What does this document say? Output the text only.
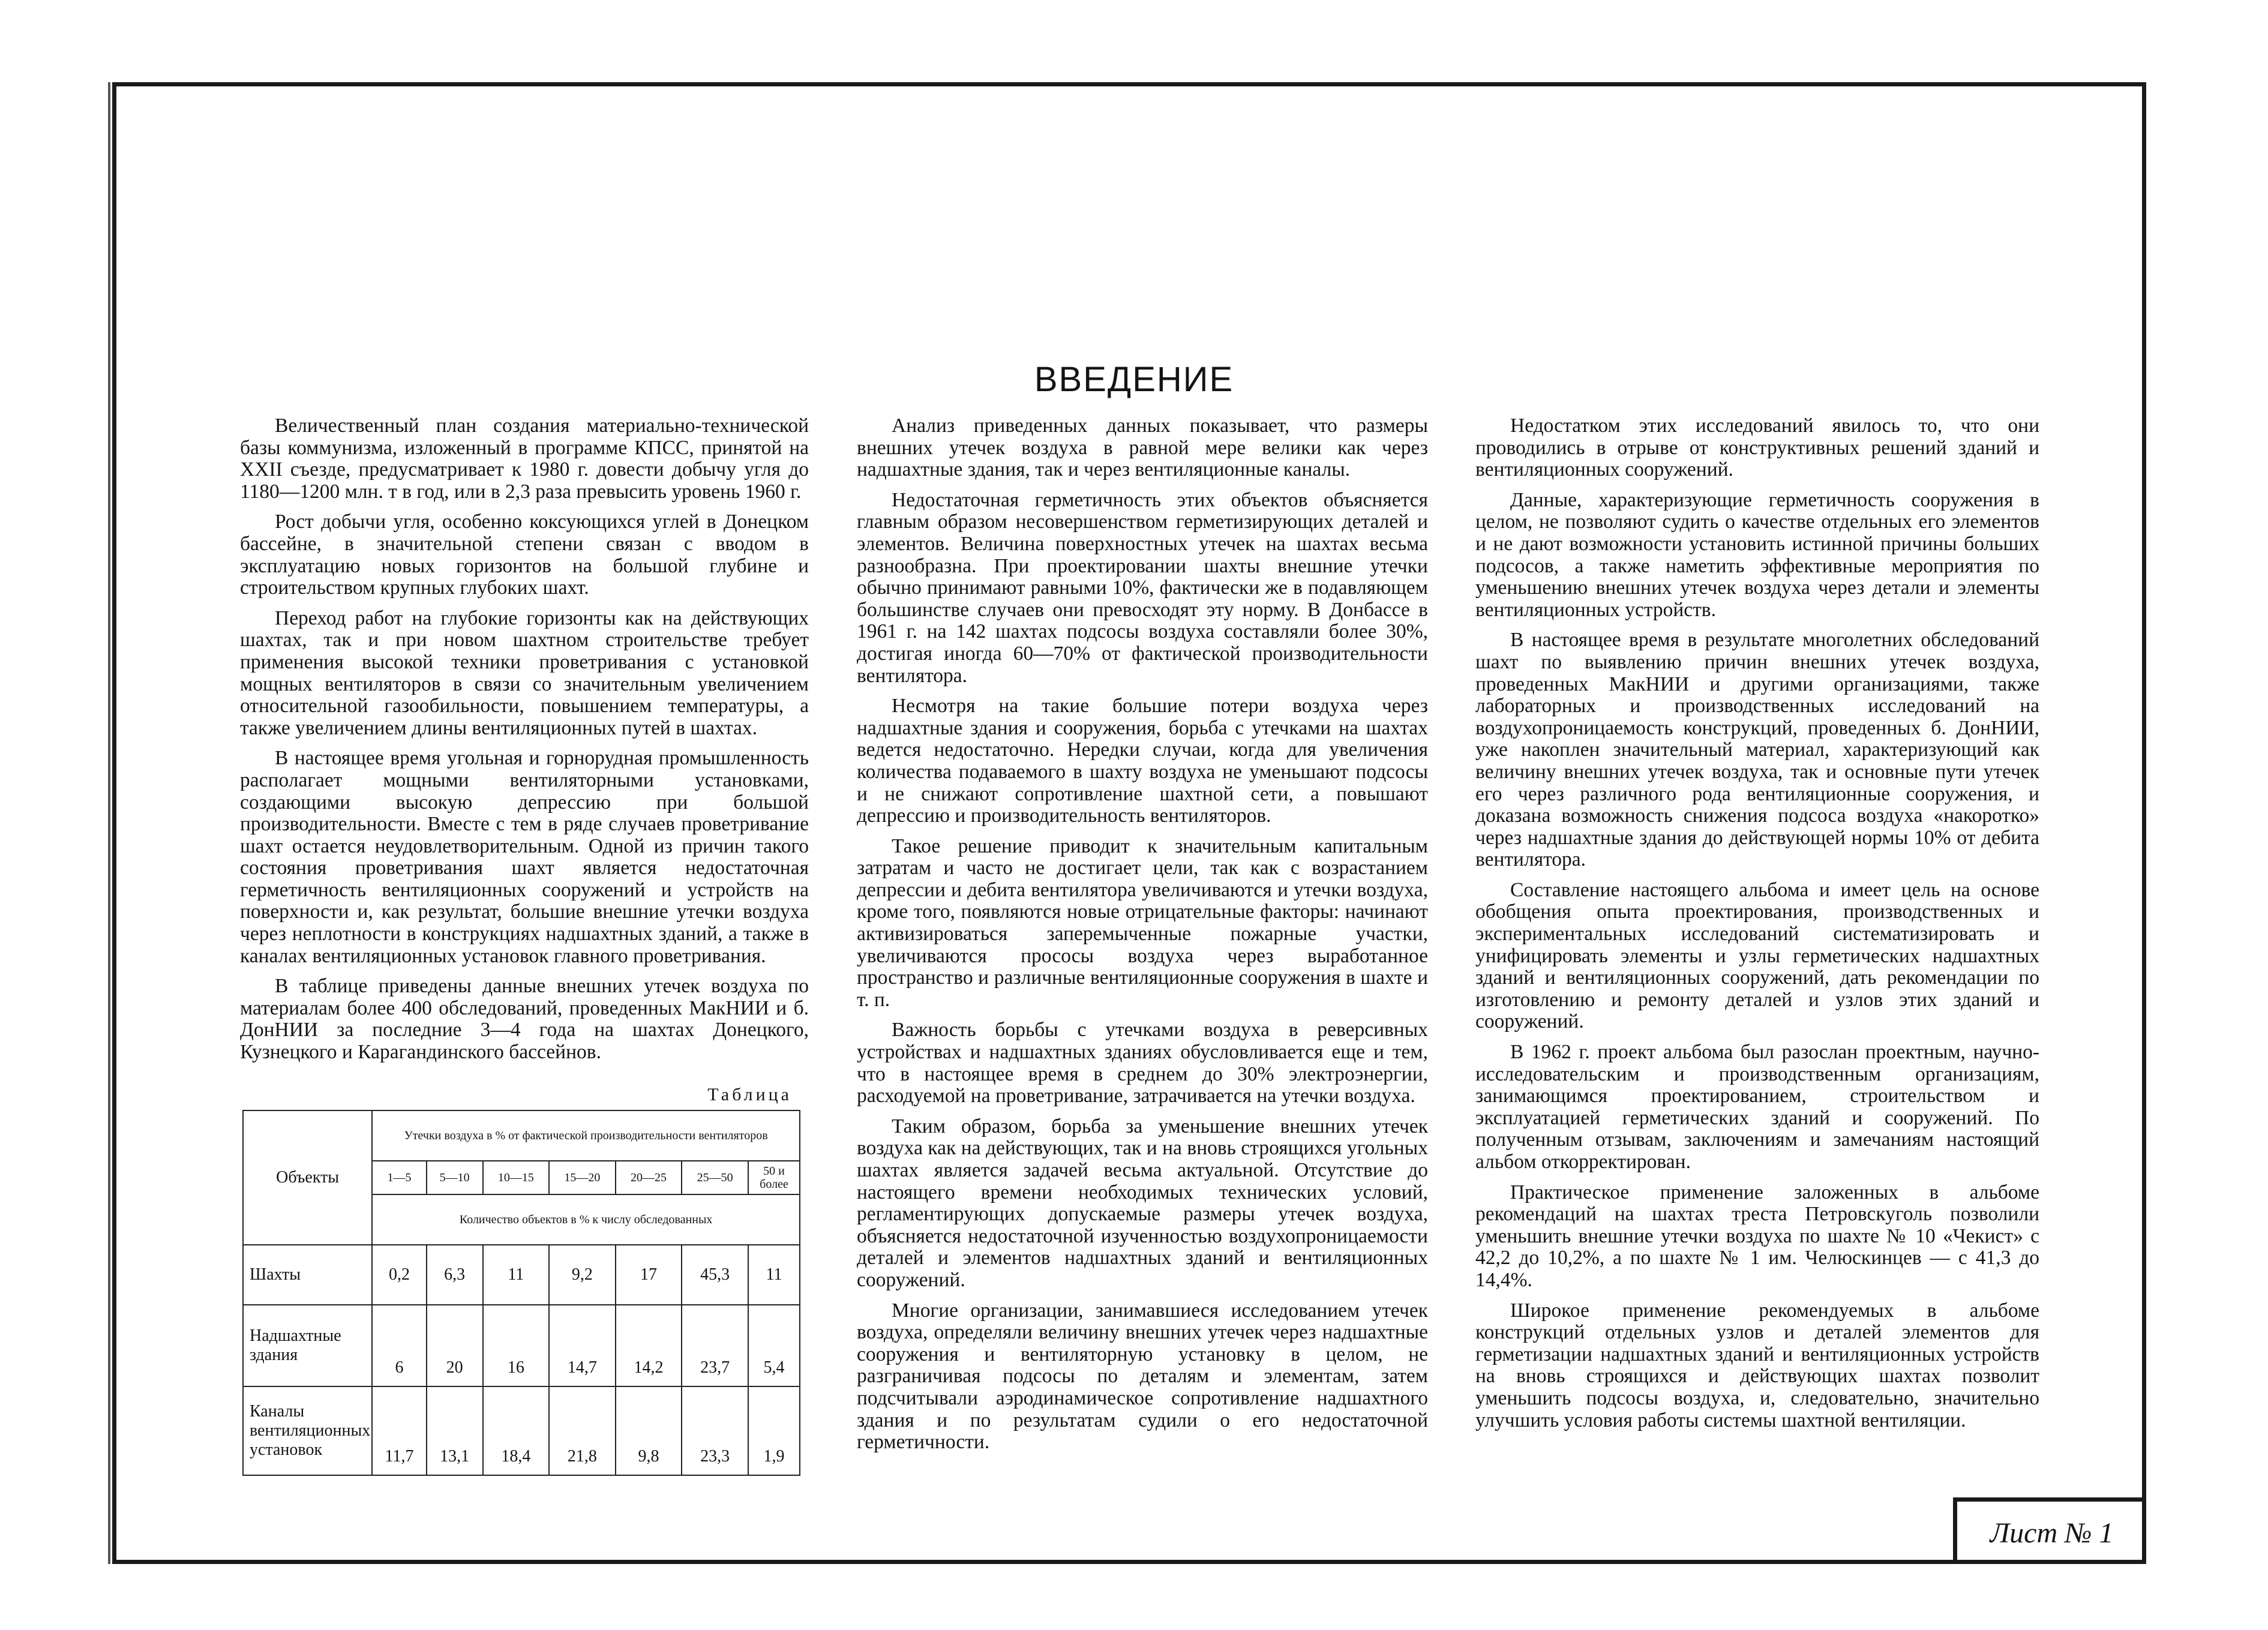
ВВЕДЕНИЕ

Величественный план создания материально-технической базы коммунизма, изложенный в программе КПСС, принятой на XXII съезде, предусматривает к 1980 г. довести добычу угля до 1180—1200 млн. т в год, или в 2,3 раза превысить уровень 1960 г.

Рост добычи угля, особенно коксующихся углей в Донецком бассейне, в значительной степени связан с вводом в эксплуатацию новых горизонтов на большой глубине и строительством крупных глубоких шахт.

Переход работ на глубокие горизонты как на действующих шахтах, так и при новом шахтном строительстве требует применения высокой техники проветривания с установкой мощных вентиляторов в связи со значительным увеличением относительной газообильности, повышением температуры, а также увеличением длины вентиляционных путей в шахтах.

В настоящее время угольная и горнорудная промышленность располагает мощными вентиляторными установками, создающими высокую депрессию при большой производительности. Вместе с тем в ряде случаев проветривание шахт остается неудовлетворительным. Одной из причин такого состояния проветривания шахт является недостаточная герметичность вентиляционных сооружений и устройств на поверхности и, как результат, большие внешние утечки воздуха через неплотности в конструкциях надшахтных зданий, а также в каналах вентиляционных установок главного проветривания.

В таблице приведены данные внешних утечек воздуха по материалам более 400 обследований, проведенных МакНИИ и б. ДонНИИ за последние 3—4 года на шахтах Донецкого, Кузнецкого и Карагандинского бассейнов.

Таблица
Объекты	Утечки воздуха в % от фактической производительности вентиляторов						
	1—5	5—10	10—15	15—20	20—25	25—50	50 и более
	Количество объектов в % к числу обследованных						
Шахты	0,2	6,3	11	9,2	17	45,3	11
Надшахтные здания	6	20	16	14,7	14,2	23,7	5,4
Каналы вентиляционных установок	11,7	13,1	18,4	21,8	9,8	23,3	1,9

Анализ приведенных данных показывает, что размеры внешних утечек воздуха в равной мере велики как через надшахтные здания, так и через вентиляционные каналы.

Недостаточная герметичность этих объектов объясняется главным образом несовершенством герметизирующих деталей и элементов. Величина поверхностных утечек на шахтах весьма разнообразна. При проектировании шахты внешние утечки обычно принимают равными 10%, фактически же в подавляющем большинстве случаев они превосходят эту норму. В Донбассе в 1961 г. на 142 шахтах подсосы воздуха составляли более 30%, достигая иногда 60—70% от фактической производительности вентилятора.

Несмотря на такие большие потери воздуха через надшахтные здания и сооружения, борьба с утечками на шахтах ведется недостаточно. Нередки случаи, когда для увеличения количества подаваемого в шахту воздуха не уменьшают подсосы и не снижают сопротивление шахтной сети, а повышают депрессию и производительность вентиляторов.

Такое решение приводит к значительным капитальным затратам и часто не достигает цели, так как с возрастанием депрессии и дебита вентилятора увеличиваются и утечки воздуха, кроме того, появляются новые отрицательные факторы: начинают активизироваться заперемыченные пожарные участки, увеличиваются прососы воздуха через выработанное пространство и различные вентиляционные сооружения в шахте и т. п.

Важность борьбы с утечками воздуха в реверсивных устройствах и надшахтных зданиях обусловливается еще и тем, что в настоящее время в среднем до 30% электроэнергии, расходуемой на проветривание, затрачивается на утечки воздуха.

Таким образом, борьба за уменьшение внешних утечек воздуха как на действующих, так и на вновь строящихся угольных шахтах является задачей весьма актуальной. Отсутствие до настоящего времени необходимых технических условий, регламентирующих допускаемые размеры утечек воздуха, объясняется недостаточной изученностью воздухопроницаемости деталей и элементов надшахтных зданий и вентиляционных сооружений.

Многие организации, занимавшиеся исследованием утечек воздуха, определяли величину внешних утечек через надшахтные сооружения и вентиляторную установку в целом, не разграничивая подсосы по деталям и элементам, затем подсчитывали аэродинамическое сопротивление надшахтного здания и по результатам судили о его недостаточной герметичности.

Недостатком этих исследований явилось то, что они проводились в отрыве от конструктивных решений зданий и вентиляционных сооружений.

Данные, характеризующие герметичность сооружения в целом, не позволяют судить о качестве отдельных его элементов и не дают возможности установить истинной причины больших подсосов, а также наметить эффективные мероприятия по уменьшению внешних утечек воздуха через детали и элементы вентиляционных устройств.

В настоящее время в результате многолетних обследований шахт по выявлению причин внешних утечек воздуха, проведенных МакНИИ и другими организациями, также лабораторных и производственных исследований на воздухопроницаемость конструкций, проведенных б. ДонНИИ, уже накоплен значительный материал, характеризующий как величину внешних утечек воздуха, так и основные пути утечек его через различного рода вентиляционные сооружения, и доказана возможность снижения подсоса воздуха «накоротко» через надшахтные здания до действующей нормы 10% от дебита вентилятора.

Составление настоящего альбома и имеет цель на основе обобщения опыта проектирования, производственных и экспериментальных исследований систематизировать и унифицировать элементы и узлы герметических надшахтных зданий и вентиляционных сооружений, дать рекомендации по изготовлению и ремонту деталей и узлов этих зданий и сооружений.

В 1962 г. проект альбома был разослан проектным, научно-исследовательским и производственным организациям, занимающимся проектированием, строительством и эксплуатацией герметических зданий и сооружений. По полученным отзывам, заключениям и замечаниям настоящий альбом откорректирован.

Практическое применение заложенных в альбоме рекомендаций на шахтах треста Петровскуголь позволили уменьшить внешние утечки воздуха по шахте № 10 «Чекист» с 42,2 до 10,2%, а по шахте № 1 им. Челюскинцев — с 41,3 до 14,4%.

Широкое применение рекомендуемых в альбоме конструкций отдельных узлов и деталей элементов для герметизации надшахтных зданий и вентиляционных устройств на вновь строящихся и действующих шахтах позволит уменьшить подсосы воздуха, и, следовательно, значительно улучшить условия работы системы шахтной вентиляции.

Лист № 1
